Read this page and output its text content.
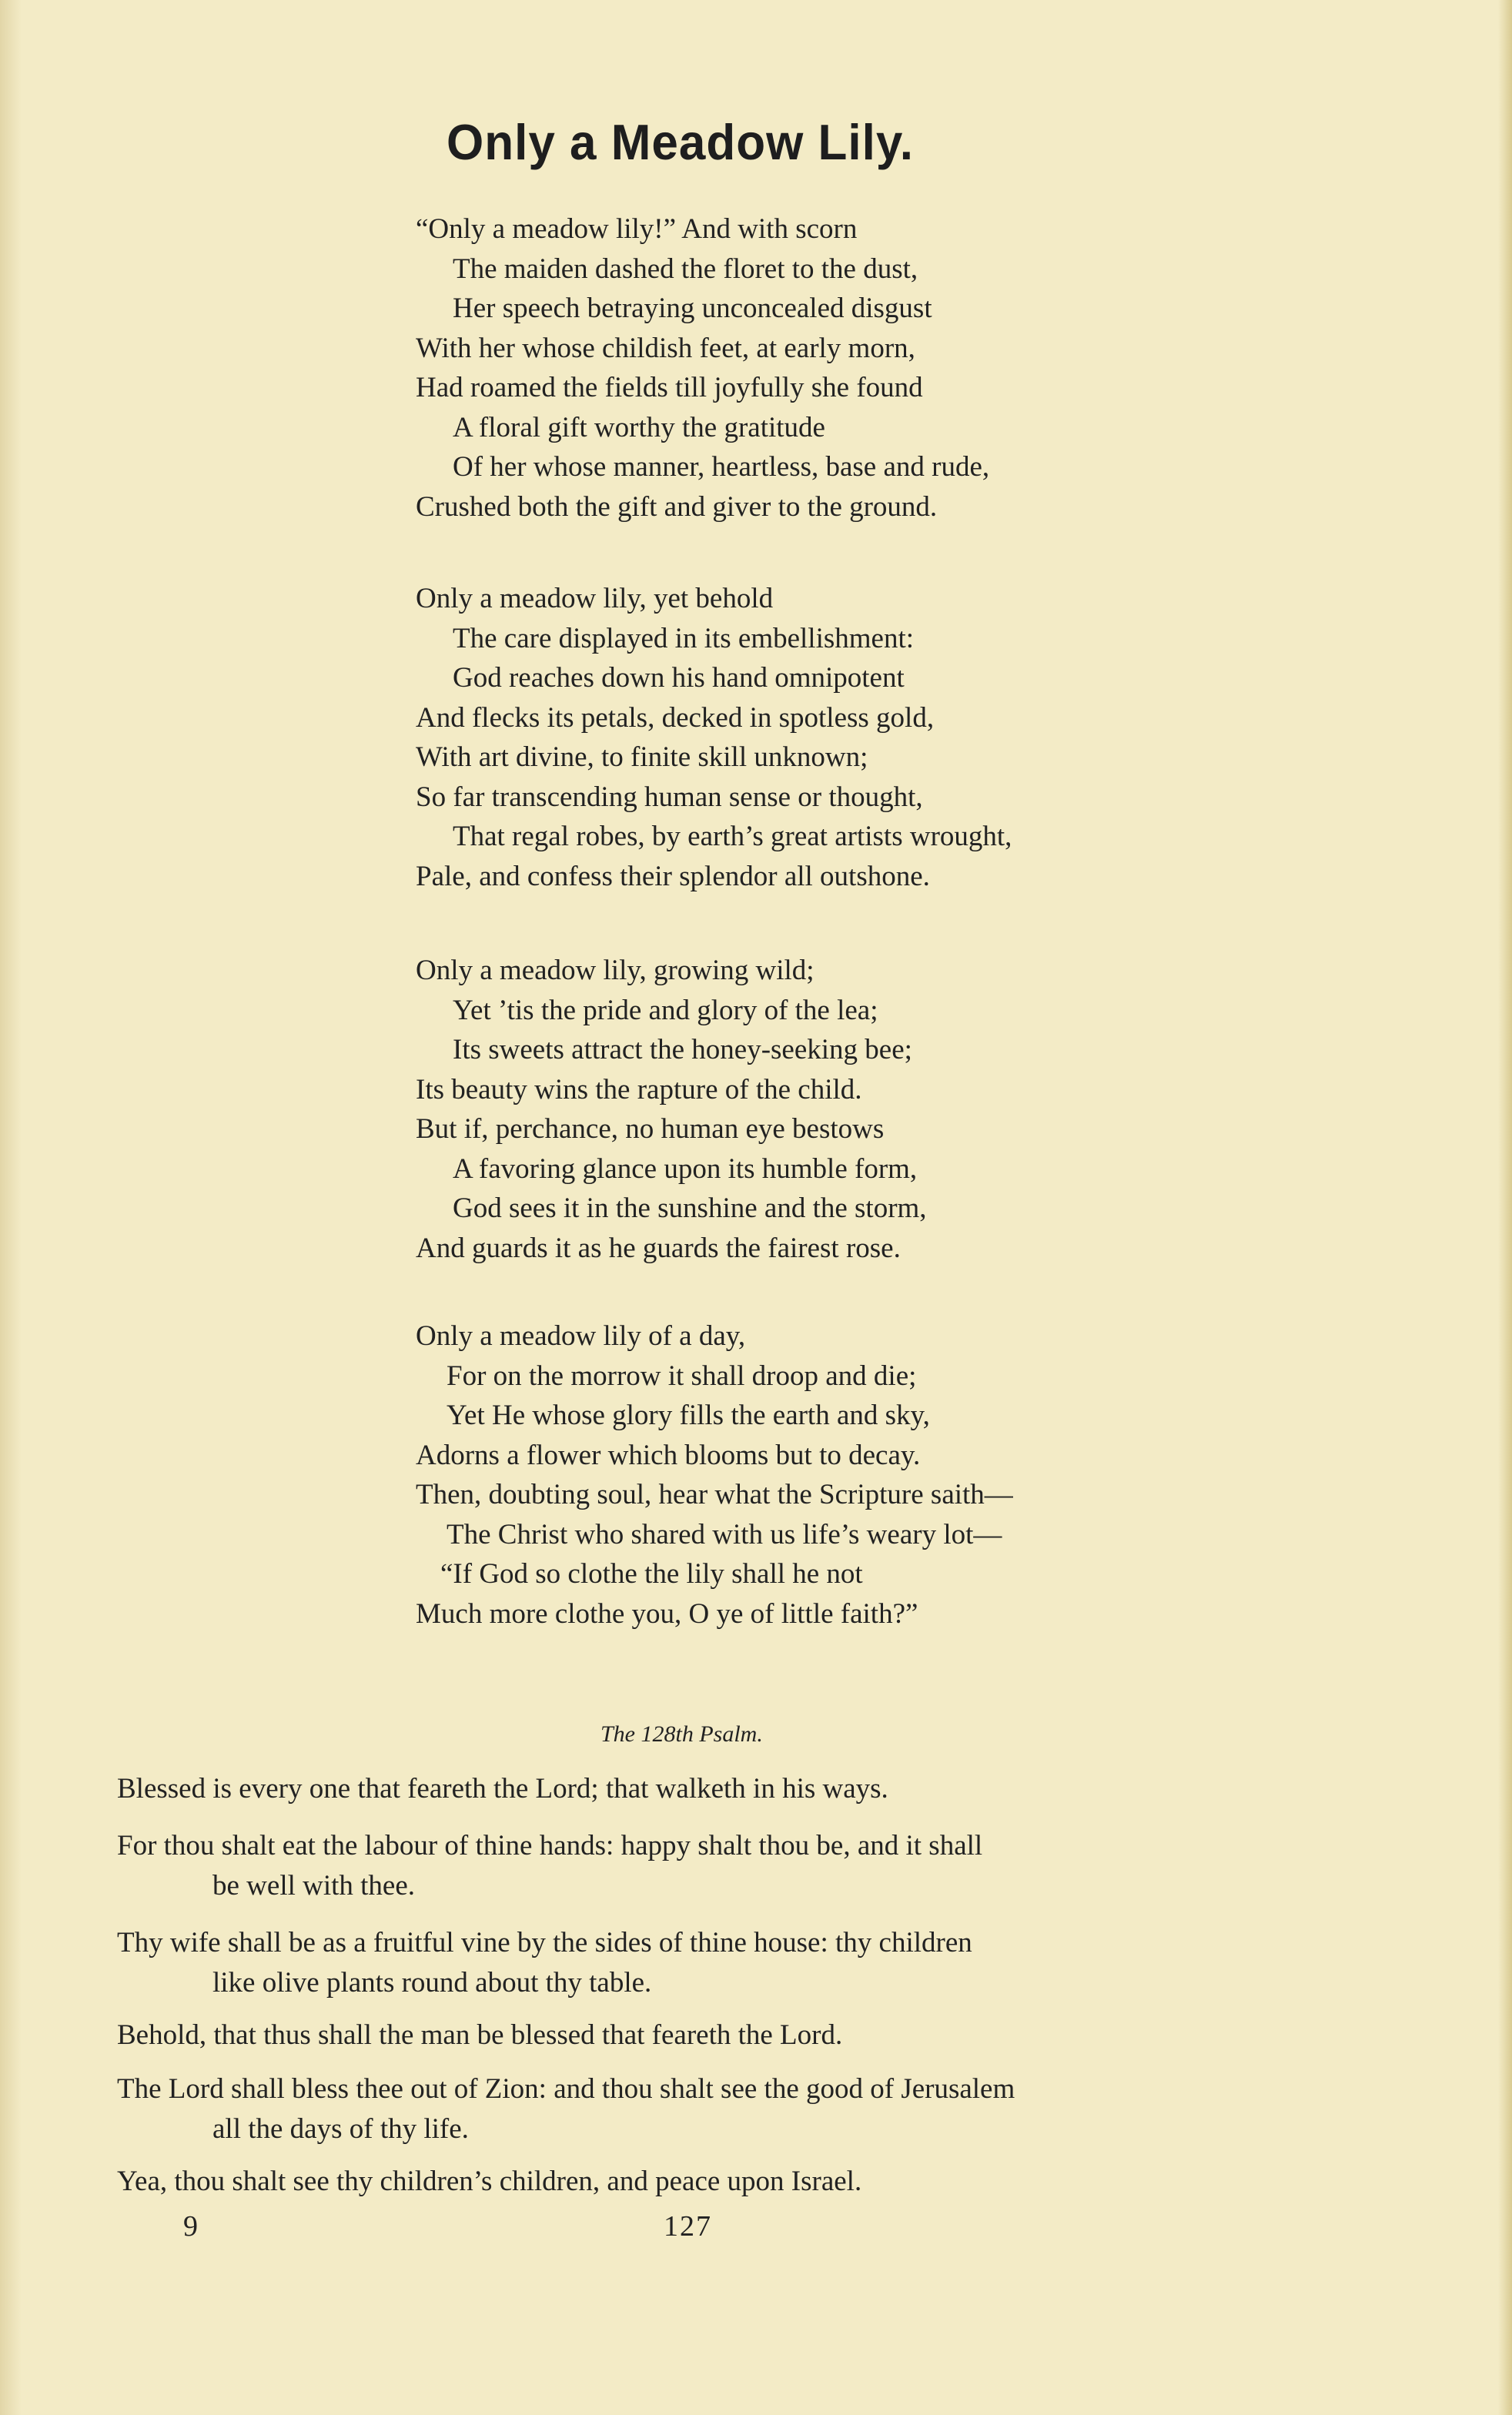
Only a Meadow Lily.
“Only a meadow lily!” And with scorn
The maiden dashed the floret to the dust,
Her speech betraying unconcealed disgust
With her whose childish feet, at early morn,
Had roamed the fields till joyfully she found
A floral gift worthy the gratitude
Of her whose manner, heartless, base and rude,
Crushed both the gift and giver to the ground.
Only a meadow lily, yet behold
The care displayed in its embellishment:
God reaches down his hand omnipotent
And flecks its petals, decked in spotless gold,
With art divine, to finite skill unknown;
So far transcending human sense or thought,
That regal robes, by earth’s great artists wrought,
Pale, and confess their splendor all outshone.
Only a meadow lily, growing wild;
Yet ’tis the pride and glory of the lea;
Its sweets attract the honey-seeking bee;
Its beauty wins the rapture of the child.
But if, perchance, no human eye bestows
A favoring glance upon its humble form,
God sees it in the sunshine and the storm,
And guards it as he guards the fairest rose.
Only a meadow lily of a day,
For on the morrow it shall droop and die;
Yet He whose glory fills the earth and sky,
Adorns a flower which blooms but to decay.
Then, doubting soul, hear what the Scripture saith—
The Christ who shared with us life’s weary lot—
“If God so clothe the lily shall he not
Much more clothe you, O ye of little faith?”
The 128th Psalm.
Blessed is every one that feareth the Lord; that walketh in his ways.
For thou shalt eat the labour of thine hands: happy shalt thou be, and it shall
be well with thee.
Thy wife shall be as a fruitful vine by the sides of thine house: thy children
like olive plants round about thy table.
Behold, that thus shall the man be blessed that feareth the Lord.
The Lord shall bless thee out of Zion: and thou shalt see the good of Jerusalem
all the days of thy life.
Yea, thou shalt see thy children’s children, and peace upon Israel.
9	127
